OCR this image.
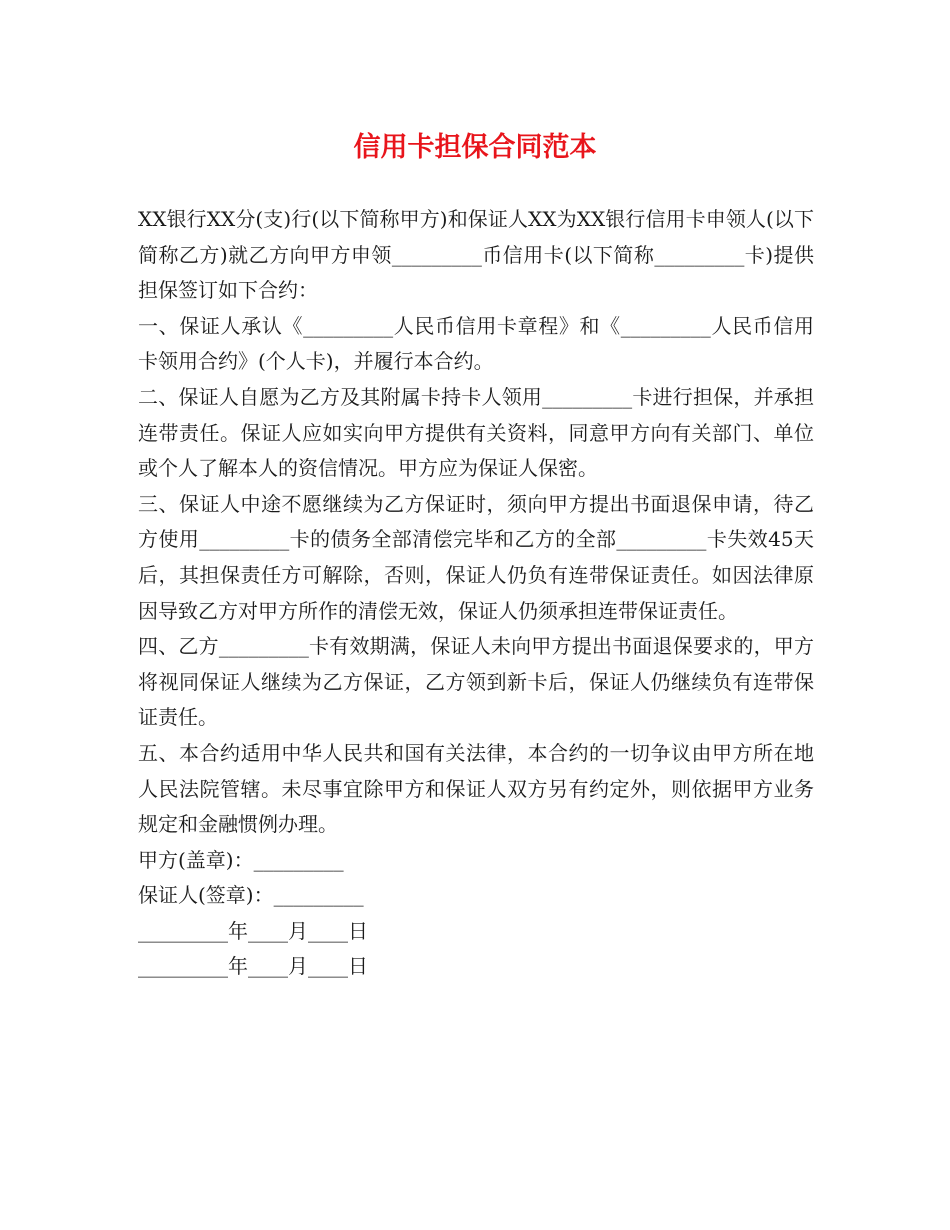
信用卡担保合同范本

XX银行XX分(支)行(以下简称甲方)和保证人XX为XX银行信用卡申领人(以下简称乙方)就乙方向甲方申领_________币信用卡(以下简称_________卡)提供担保签订如下合约：

一、保证人承认《_________人民币信用卡章程》和《_________人民币信用卡领用合约》(个人卡)，并履行本合约。

二、保证人自愿为乙方及其附属卡持卡人领用_________卡进行担保，并承担连带责任。保证人应如实向甲方提供有关资料，同意甲方向有关部门、单位或个人了解本人的资信情况。甲方应为保证人保密。

三、保证人中途不愿继续为乙方保证时，须向甲方提出书面退保申请，待乙方使用_________卡的债务全部清偿完毕和乙方的全部_________卡失效45天后，其担保责任方可解除，否则，保证人仍负有连带保证责任。如因法律原因导致乙方对甲方所作的清偿无效，保证人仍须承担连带保证责任。

四、乙方_________卡有效期满，保证人未向甲方提出书面退保要求的，甲方将视同保证人继续为乙方保证，乙方领到新卡后，保证人仍继续负有连带保证责任。

五、本合约适用中华人民共和国有关法律，本合约的一切争议由甲方所在地人民法院管辖。未尽事宜除甲方和保证人双方另有约定外，则依据甲方业务规定和金融惯例办理。

甲方(盖章)：_________

保证人(签章)：_________

_________年____月____日

_________年____月____日
